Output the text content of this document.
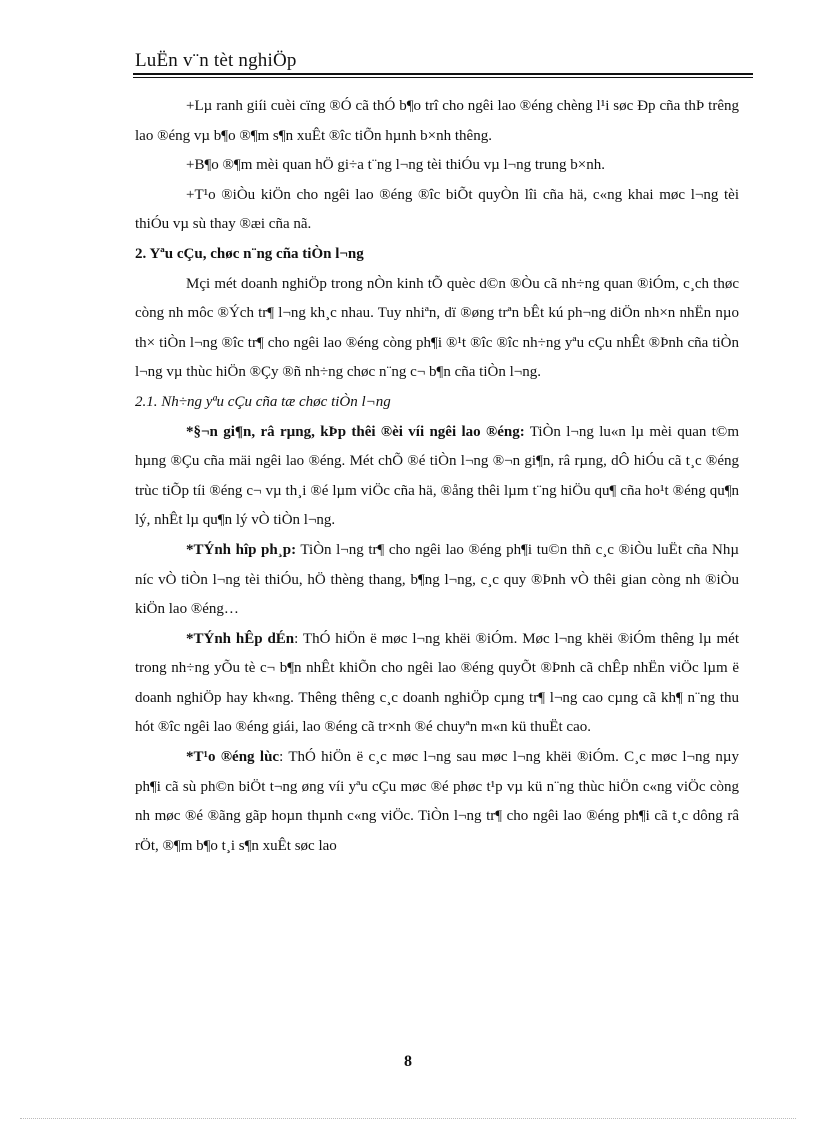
LuËn v¨n tèt nghiÖp

+Lµ ranh giíi cuèi cïng ®Ó cã thÓ b¶o trî cho ngêi lao ®éng chèng l¹i søc Ðp cña thÞ trêng lao ®éng vµ b¶o ®¶m s¶n xuÊt ®îc tiÕn hµnh b×nh thêng.

+B¶o ®¶m mèi quan hÖ gi÷a t¨ng l¬ng tèi thiÓu vµ l¬ng trung b×nh.

+T¹o ®iÒu kiÖn cho ngêi lao ®éng ®îc biÕt quyÒn lîi cña hä, c«ng khai møc l¬ng tèi thiÓu vµ sù thay ®æi cña nã.

2. Yªu cÇu, chøc n¨ng cña tiÒn l¬ng

Mçi mét doanh nghiÖp trong nÒn kinh tÕ quèc d©n ®Òu cã nh÷ng quan ®iÓm, c¸ch thøc còng nh môc ®Ých tr¶ l¬ng kh¸c nhau. Tuy nhiªn, dï ®øng trªn bÊt kú ph¬ng diÖn nh×n nhËn nµo th× tiÒn l¬ng ®îc tr¶ cho ngêi lao ®éng còng ph¶i ®¹t ®îc ®îc nh÷ng yªu cÇu nhÊt ®Þnh cña tiÒn l¬ng vµ thùc hiÖn ®Çy ®ñ nh÷ng chøc n¨ng c¬ b¶n cña tiÒn l¬ng.

2.1. Nh÷ng yªu cÇu cña tæ chøc tiÒn l¬ng

*§¬n gi¶n, râ rµng, kÞp thêi ®èi víi ngêi lao ®éng: TiÒn l¬ng lu«n lµ mèi quan t©m hµng ®Çu cña mäi ngêi lao ®éng. Mét chÕ ®é tiÒn l¬ng ®¬n gi¶n, râ rµng, dÔ hiÓu cã t¸c ®éng trùc tiÕp tíi ®éng c¬ vµ th¸i ®é lµm viÖc cña hä, ®ång thêi lµm t¨ng hiÖu qu¶ cña ho¹t ®éng qu¶n lý, nhÊt lµ qu¶n lý vÒ tiÒn l¬ng.

*TÝnh hîp ph¸p: TiÒn l¬ng tr¶ cho ngêi lao ®éng ph¶i tu©n thñ c¸c ®iÒu luËt cña Nhµ níc vÒ tiÒn l¬ng tèi thiÓu, hÖ thèng thang, b¶ng l¬ng, c¸c quy ®Þnh vÒ thêi gian còng nh ®iÒu kiÖn lao ®éng…

*TÝnh hÊp dÉn: ThÓ hiÖn ë møc l¬ng khëi ®iÓm. Møc l¬ng khëi ®iÓm thêng lµ mét trong nh÷ng yÕu tè c¬ b¶n nhÊt khiÕn cho ngêi lao ®éng quyÕt ®Þnh cã chÊp nhËn viÖc lµm ë doanh nghiÖp hay kh«ng. Thêng thêng c¸c doanh nghiÖp cµng tr¶ l¬ng cao cµng cã kh¶ n¨ng thu hót ®îc ngêi lao ®éng giái, lao ®éng cã tr×nh ®é chuyªn m«n kü thuËt cao.

*T¹o ®éng lùc: ThÓ hiÖn ë c¸c møc l¬ng sau møc l¬ng khëi ®iÓm. C¸c møc l¬ng nµy ph¶i cã sù ph©n biÖt t¬ng øng víi yªu cÇu møc ®é phøc t¹p vµ kü n¨ng thùc hiÖn c«ng viÖc còng nh møc ®é ®ãng gãp hoµn thµnh c«ng viÖc. TiÒn l¬ng tr¶ cho ngêi lao ®éng ph¶i cã t¸c dông râ rÖt, ®¶m b¶o t¸i s¶n xuÊt søc lao

8
